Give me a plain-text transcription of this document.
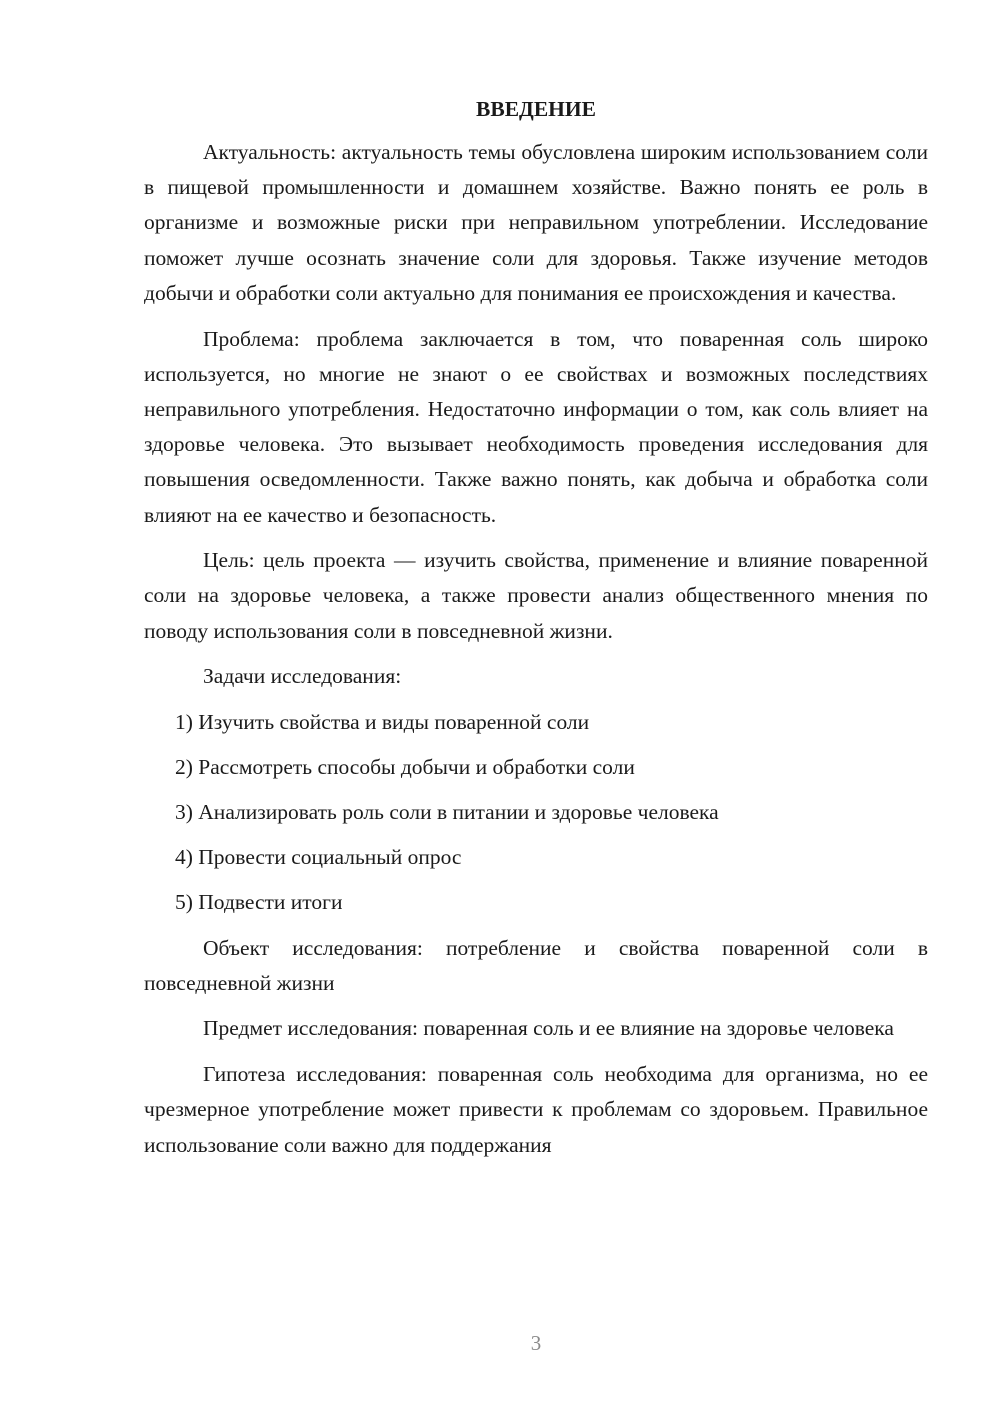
ВВЕДЕНИЕ

Актуальность: актуальность темы обусловлена широким использованием соли в пищевой промышленности и домашнем хозяйстве. Важно понять ее роль в организме и возможные риски при неправильном употреблении. Исследование поможет лучше осознать значение соли для здоровья. Также изучение методов добычи и обработки соли актуально для понимания ее происхождения и качества.

Проблема: проблема заключается в том, что поваренная соль широко используется, но многие не знают о ее свойствах и возможных последствиях неправильного употребления. Недостаточно информации о том, как соль влияет на здоровье человека. Это вызывает необходимость проведения исследования для повышения осведомленности. Также важно понять, как добыча и обработка соли влияют на ее качество и безопасность.

Цель: цель проекта — изучить свойства, применение и влияние поваренной соли на здоровье человека, а также провести анализ общественного мнения по поводу использования соли в повседневной жизни.

Задачи исследования:

1) Изучить свойства и виды поваренной соли
2) Рассмотреть способы добычи и обработки соли
3) Анализировать роль соли в питании и здоровье человека
4) Провести социальный опрос
5) Подвести итоги

Объект исследования: потребление и свойства поваренной соли в повседневной жизни

Предмет исследования: поваренная соль и ее влияние на здоровье человека

Гипотеза исследования: поваренная соль необходима для организма, но ее чрезмерное употребление может привести к проблемам со здоровьем. Правильное использование соли важно для поддержания

3
